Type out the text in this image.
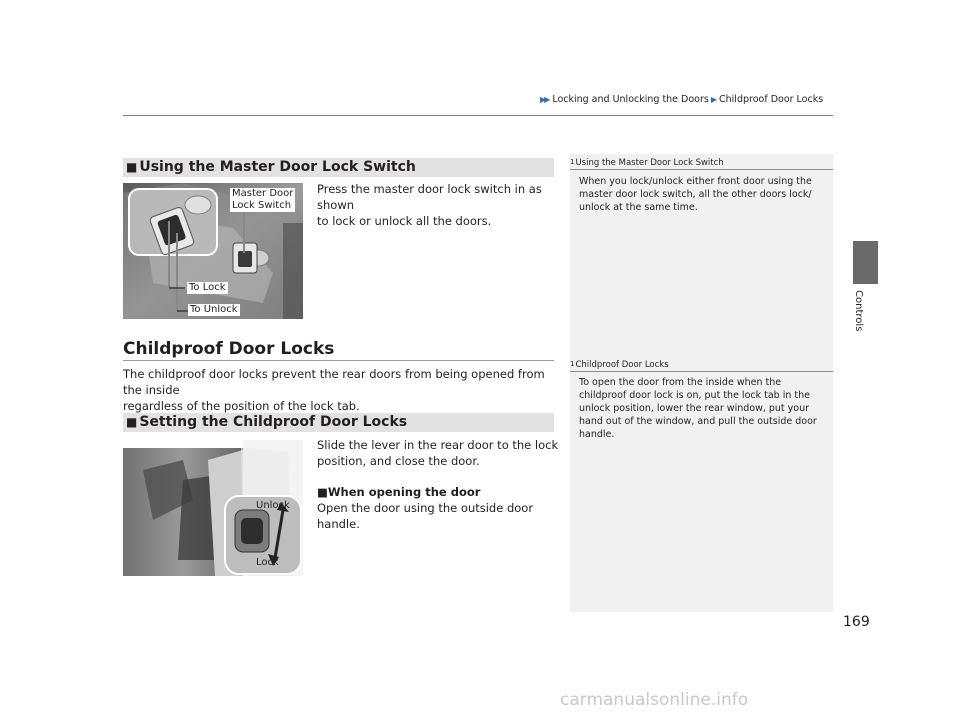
▶▶ Locking and Unlocking the Doors ▶ Childproof Door Locks
Controls
1Using the Master Door Lock Switch
When you lock/unlock either front door using the
master door lock switch, all the other doors lock/
unlock at the same time.
1Childproof Door Locks
To open the door from the inside when the
childproof door lock is on, put the lock tab in the
unlock position, lower the rear window, put your
hand out of the window, and pull the outside door
handle.
■ Using the Master Door Lock Switch
Master Door
Lock Switch
To Lock
To Unlock
Press the master door lock switch in as shown
to lock or unlock all the doors.
Childproof Door Locks
The childproof door locks prevent the rear doors from being opened from the inside
regardless of the position of the lock tab.
■ Setting the Childproof Door Locks
Unlock
Lock
Slide the lever in the rear door to the lock
position, and close the door.
■When opening the door
Open the door using the outside door handle.
169
carmanualsonline.info
